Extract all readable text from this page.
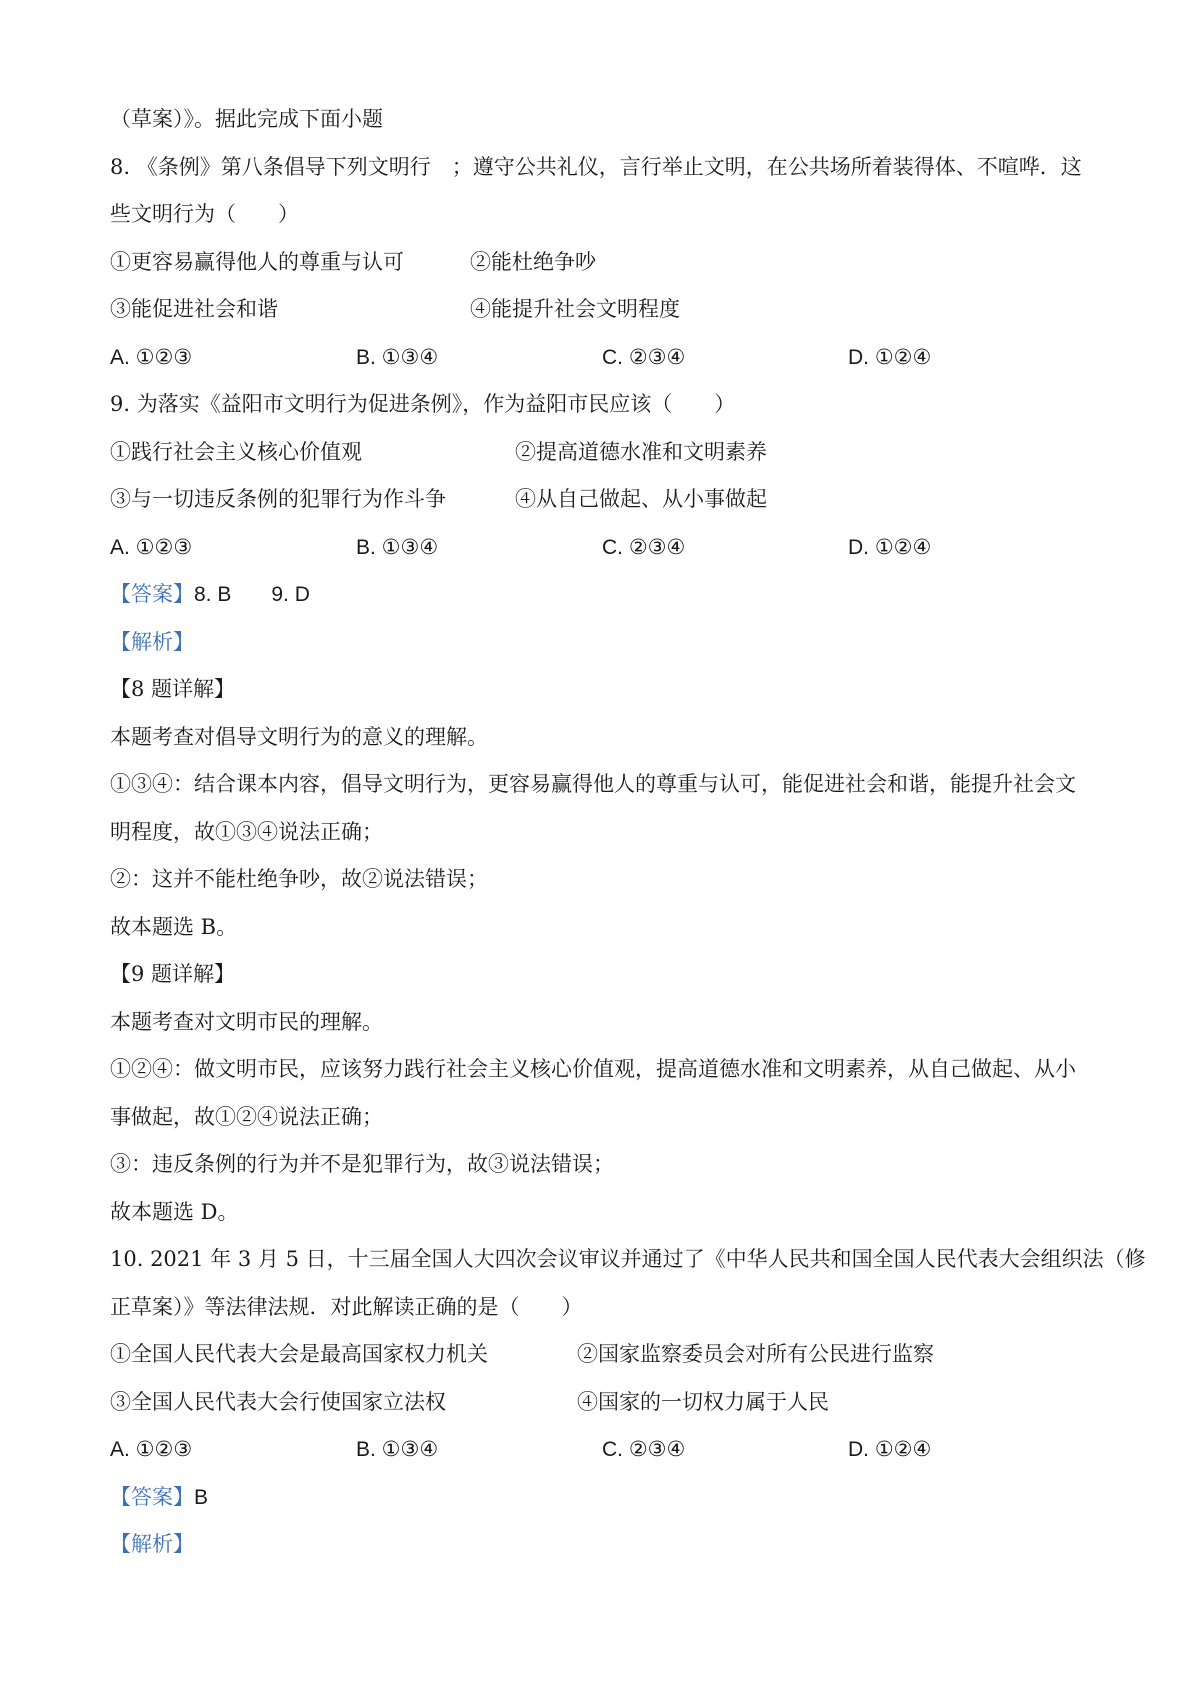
（草案）》。据此完成下面小题
8. 《条例》第八条倡导下列文明行　；遵守公共礼仪，言行举止文明，在公共场所着装得体、不喧哗．这
些文明行为（　　）
①更容易赢得他人的尊重与认可	②能杜绝争吵
③能促进社会和谐	④能提升社会文明程度
A. ①②③	B. ①③④	C. ②③④	D. ①②④
9. 为落实《益阳市文明行为促进条例》，作为益阳市民应该（　　）
①践行社会主义核心价值观	②提高道德水准和文明素养
③与一切违反条例的犯罪行为作斗争	④从自己做起、从小事做起
A. ①②③	B. ①③④	C. ②③④	D. ①②④
【答案】8. B 9. D
【解析】
【8 题详解】
本题考查对倡导文明行为的意义的理解。
①③④：结合课本内容，倡导文明行为，更容易赢得他人的尊重与认可，能促进社会和谐，能提升社会文
明程度，故①③④说法正确；
②：这并不能杜绝争吵，故②说法错误；
故本题选 B。
【9 题详解】
本题考查对文明市民的理解。
①②④：做文明市民，应该努力践行社会主义核心价值观，提高道德水准和文明素养，从自己做起、从小
事做起，故①②④说法正确；
③：违反条例的行为并不是犯罪行为，故③说法错误；
故本题选 D。
10. 2021 年 3 月 5 日，十三届全国人大四次会议审议并通过了《中华人民共和国全国人民代表大会组织法（修
正草案）》等法律法规．对此解读正确的是（　　）
①全国人民代表大会是最高国家权力机关	②国家监察委员会对所有公民进行监察
③全国人民代表大会行使国家立法权	④国家的一切权力属于人民
A. ①②③	B. ①③④	C. ②③④	D. ①②④
【答案】B
【解析】
